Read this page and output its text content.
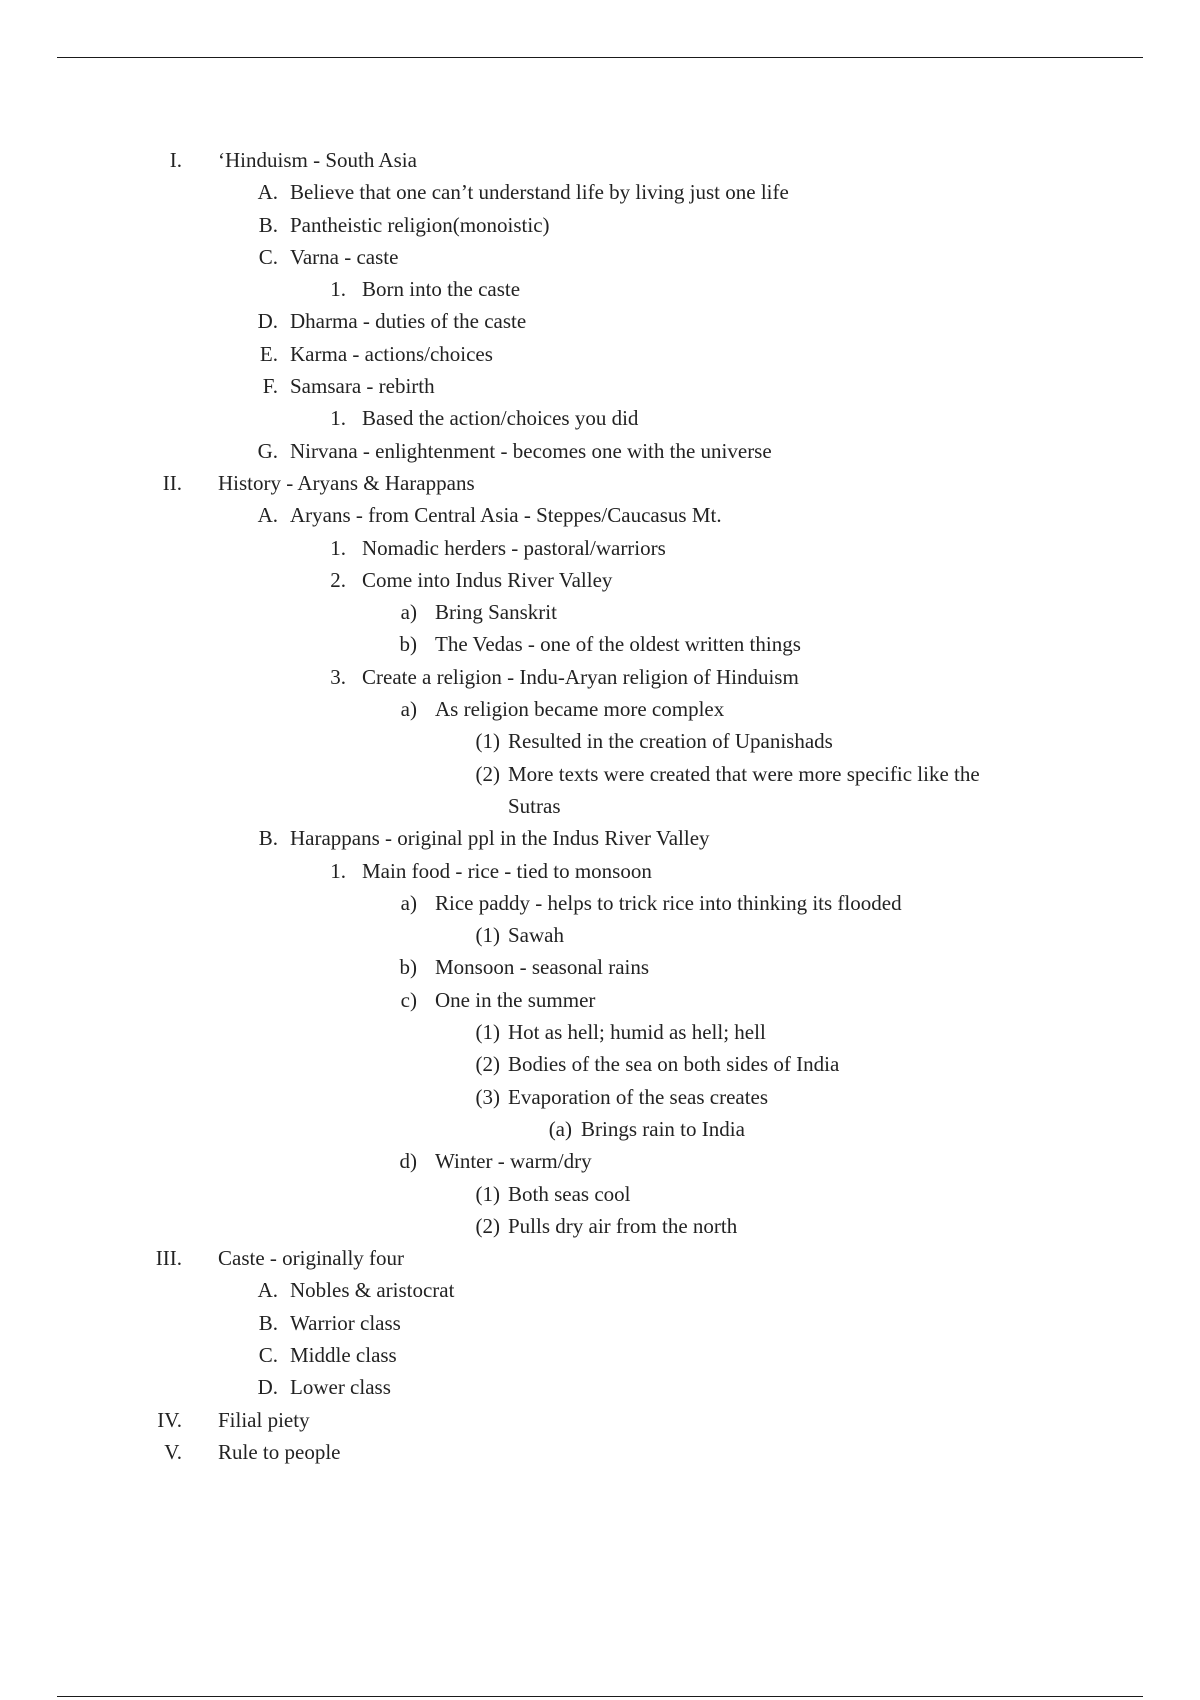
I. ‘Hinduism - South Asia
A. Believe that one can’t understand life by living just one life
B. Pantheistic religion(monoistic)
C. Varna - caste
1. Born into the caste
D. Dharma - duties of the caste
E. Karma - actions/choices
F. Samsara - rebirth
1. Based the action/choices you did
G. Nirvana - enlightenment - becomes one with the universe
II. History - Aryans & Harappans
A. Aryans - from Central Asia - Steppes/Caucasus Mt.
1. Nomadic herders - pastoral/warriors
2. Come into Indus River Valley
a) Bring Sanskrit
b) The Vedas - one of the oldest written things
3. Create a religion - Indu-Aryan religion of Hinduism
a) As religion became more complex
(1) Resulted in the creation of Upanishads
(2) More texts were created that were more specific like the
Sutras
B. Harappans - original ppl in the Indus River Valley
1. Main food - rice - tied to monsoon
a) Rice paddy - helps to trick rice into thinking its flooded
(1) Sawah
b) Monsoon - seasonal rains
c) One in the summer
(1) Hot as hell; humid as hell; hell
(2) Bodies of the sea on both sides of India
(3) Evaporation of the seas creates
(a) Brings rain to India
d) Winter - warm/dry
(1) Both seas cool
(2) Pulls dry air from the north
III. Caste - originally four
A. Nobles & aristocrat
B. Warrior class
C. Middle class
D. Lower class
IV. Filial piety
V. Rule to people
